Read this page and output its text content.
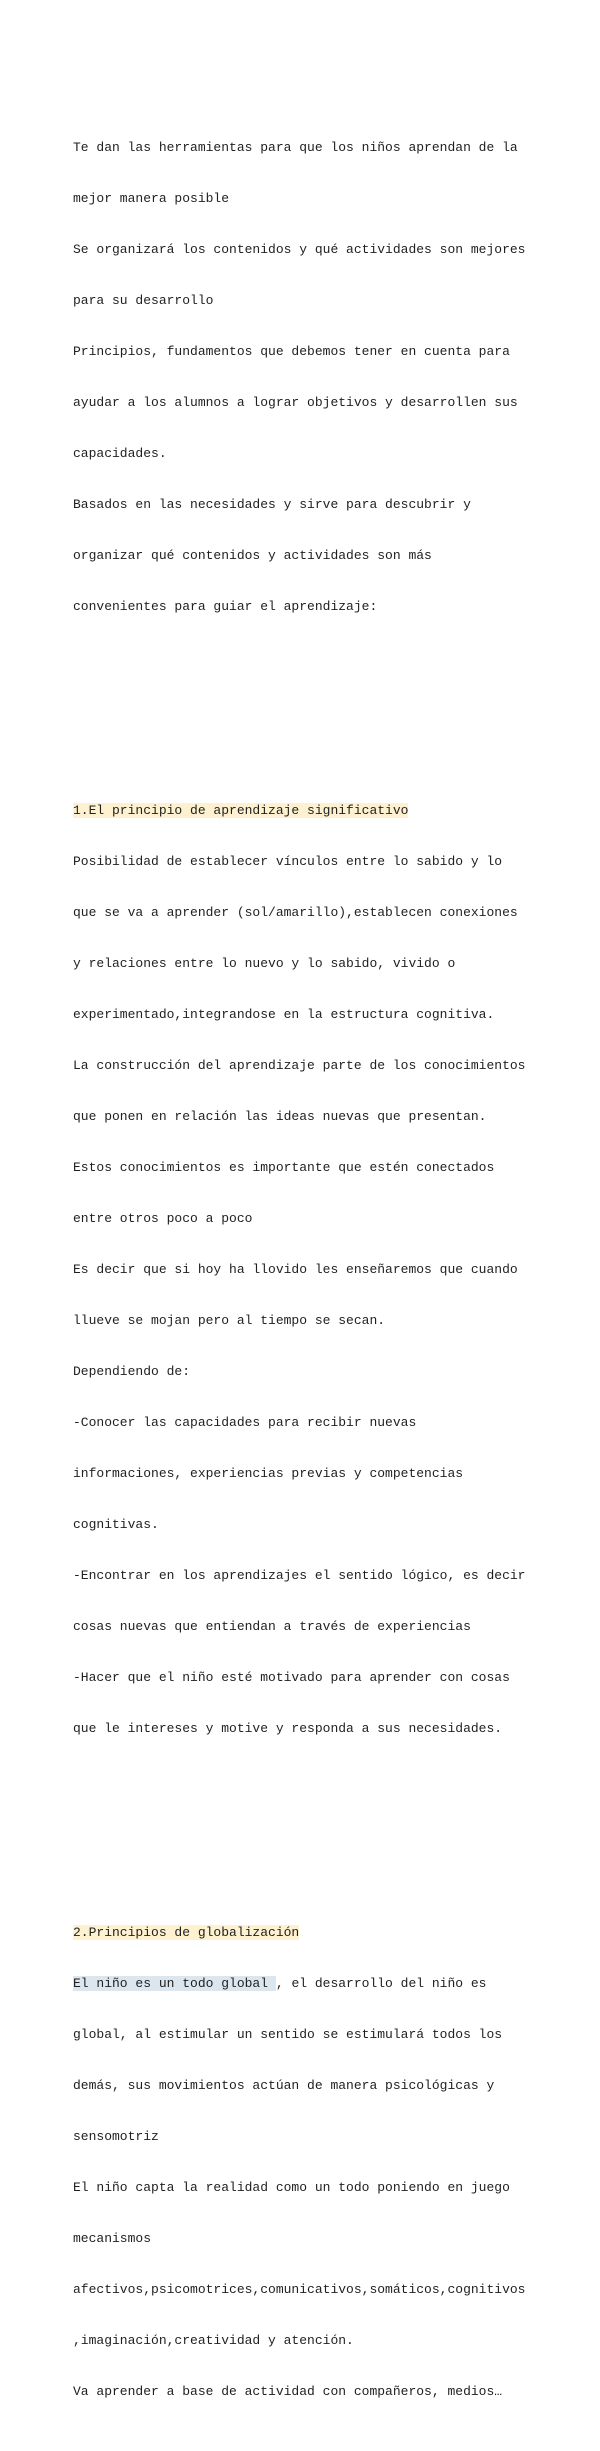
Te dan las herramientas para que los niños aprendan de la

mejor manera posible

Se organizará los contenidos y qué actividades son mejores

para su desarrollo

Principios, fundamentos que debemos tener en cuenta para

ayudar a los alumnos a lograr objetivos y desarrollen sus

capacidades.

Basados en las necesidades y sirve para descubrir y

organizar qué contenidos y actividades son más

convenientes para guiar el aprendizaje:

1.El principio de aprendizaje significativo

Posibilidad de establecer vínculos entre lo sabido y lo

que se va a aprender (sol/amarillo),establecen conexiones

y relaciones entre lo nuevo y lo sabido, vivido o

experimentado,integrandose en la estructura cognitiva.

La construcción del aprendizaje parte de los conocimientos

que ponen en relación las ideas nuevas que presentan.

Estos conocimientos es importante que estén conectados

entre otros poco a poco

Es decir que si hoy ha llovido les enseñaremos que cuando

llueve se mojan pero al tiempo se secan.

Dependiendo de:

-Conocer las capacidades para recibir nuevas

informaciones, experiencias previas y competencias

cognitivas.

-Encontrar en los aprendizajes el sentido lógico, es decir

cosas nuevas que entiendan a través de experiencias

-Hacer que el niño esté motivado para aprender con cosas

que le intereses y motive y responda a sus necesidades.

2.Principios de globalización

El niño es un todo global , el desarrollo del niño es

global, al estimular un sentido se estimulará todos los

demás, sus movimientos actúan de manera psicológicas y

sensomotriz

El niño capta la realidad como un todo poniendo en juego

mecanismos

afectivos,psicomotrices,comunicativos,somáticos,cognitivos

,imaginación,creatividad y atención.

Va aprender a base de actividad con compañeros, medios…
